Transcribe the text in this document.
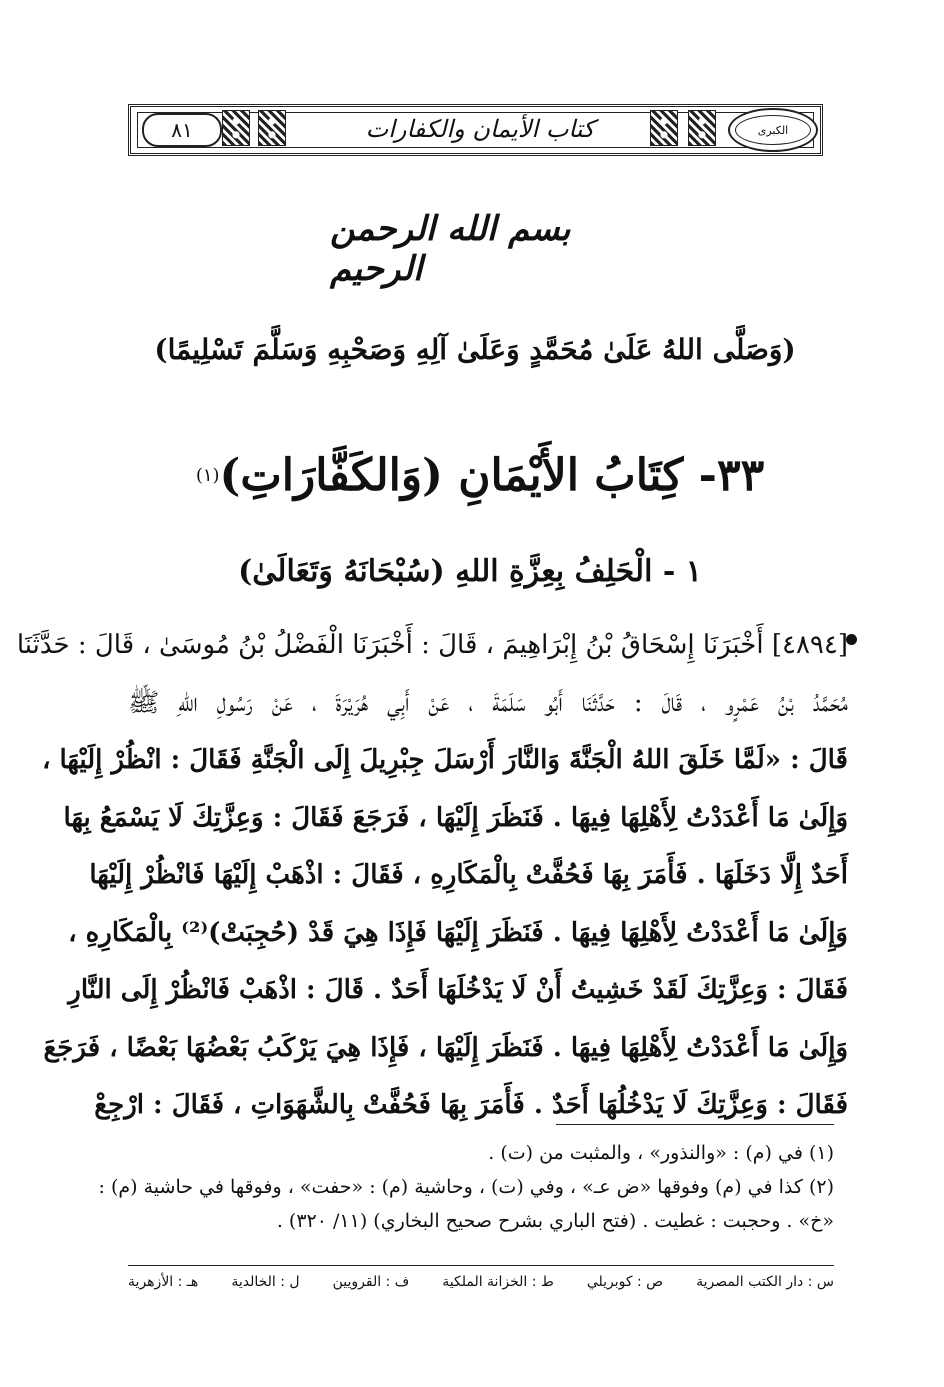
٨١	كتاب الأيمان والكفارات	الكبرى
بسم الله الرحمن الرحيم
(وَصَلَّى اللهُ عَلَىٰ مُحَمَّدٍ وَعَلَىٰ آلِهِ وَصَحْبِهِ وَسَلَّمَ تَسْلِيمًا)
٣٣-

كِتَابُ الأَيْمَانِ (وَالكَفَّارَاتِ)
(١)
١ - الْحَلِفُ بِعِزَّةِ اللهِ (سُبْحَانَهُ وَتَعَالَىٰ)
[٤٨٩٤] أَخْبَرَنَا إِسْحَاقُ بْنُ إِبْرَاهِيمَ ، قَالَ : أَخْبَرَنَا الْفَضْلُ بْنُ مُوسَىٰ ، قَالَ : حَدَّثَنَا
مُحَمَّدُ بْنُ عَمْرٍو ، قَالَ : حَدَّثَنَا أَبُو سَلَمَةَ ، عَنْ أَبِي هُرَيْرَةَ ، عَنْ رَسُولِ اللهِ ﷺ
قَالَ : «لَمَّا خَلَقَ اللهُ الْجَنَّةَ وَالنَّارَ أَرْسَلَ جِبْرِيلَ إِلَى الْجَنَّةِ فَقَالَ : انْظُرْ إِلَيْهَا ،
وَإِلَىٰ مَا أَعْدَدْتُ لِأَهْلِهَا فِيهَا . فَنَظَرَ إِلَيْهَا ، فَرَجَعَ فَقَالَ : وَعِزَّتِكَ لَا يَسْمَعُ بِهَا
أَحَدٌ إِلَّا دَخَلَهَا . فَأَمَرَ بِهَا فَحُفَّتْ بِالْمَكَارِهِ ، فَقَالَ : اذْهَبْ إِلَيْهَا فَانْظُرْ إِلَيْهَا
وَإِلَىٰ مَا أَعْدَدْتُ لِأَهْلِهَا فِيهَا . فَنَظَرَ إِلَيْهَا فَإِذَا هِيَ قَدْ (حُجِبَتْ)⁽²⁾ بِالْمَكَارِهِ ،
فَقَالَ : وَعِزَّتِكَ لَقَدْ خَشِيتُ أَنْ لَا يَدْخُلَهَا أَحَدٌ . قَالَ : اذْهَبْ فَانْظُرْ إِلَى النَّارِ
وَإِلَىٰ مَا أَعْدَدْتُ لِأَهْلِهَا فِيهَا . فَنَظَرَ إِلَيْهَا ، فَإِذَا هِيَ يَرْكَبُ بَعْضُهَا بَعْضًا ، فَرَجَعَ
فَقَالَ : وَعِزَّتِكَ لَا يَدْخُلُهَا أَحَدٌ . فَأَمَرَ بِهَا فَحُفَّتْ بِالشَّهَوَاتِ ، فَقَالَ : ارْجِعْ
(١) في (م) : «والنذور» ، والمثبت من (ت) .
(٢) كذا في (م) وفوقها «ض عـ» ، وفي (ت) ، وحاشية (م) : «حفت» ، وفوقها في حاشية (م) :
«خ» . وحجبت : غطيت . (فتح الباري بشرح صحيح البخاري) (١١/ ٣٢٠) .
س : دار الكتب المصرية
ص : كوبريلي
ط : الخزانة الملكية
ف : القرويين
ل : الخالدية
هـ : الأزهرية
